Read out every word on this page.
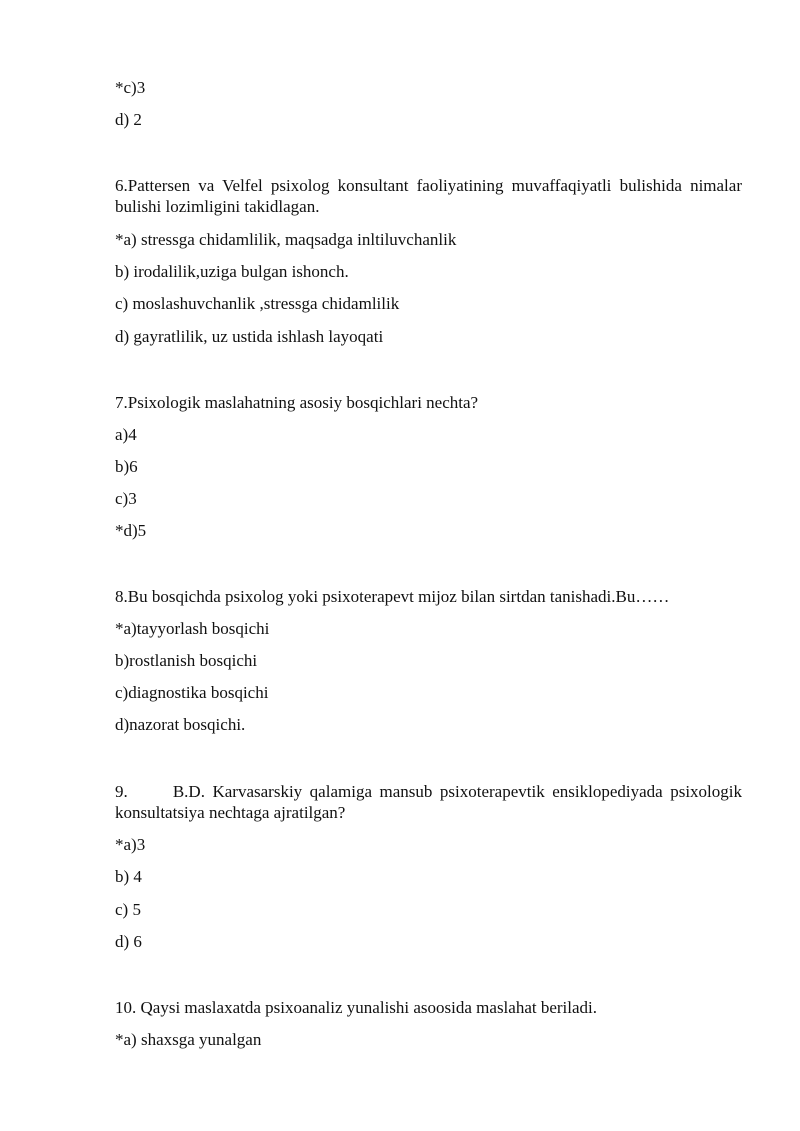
*c)3
d) 2
6.Pattersen va Velfel psixolog konsultant faoliyatining muvaffaqiyatli bulishida nimalar bulishi lozimligini takidlagan.
*a) stressga chidamlilik, maqsadga inltiluvchanlik
b) irodalilik,uziga bulgan ishonch.
c) moslashuvchanlik ,stressga chidamlilik
d) gayratlilik, uz ustida ishlash layoqati
7.Psixologik maslahatning asosiy bosqichlari nechta?
a)4
b)6
c)3
*d)5
8.Bu bosqichda psixolog yoki psixoterapevt mijoz bilan sirtdan tanishadi.Bu……
*a)tayyorlash bosqichi
b)rostlanish bosqichi
c)diagnostika bosqichi
d)nazorat bosqichi.
9.      B.D. Karvasarskiy qalamiga mansub psixoterapevtik ensiklopediyada psixologik konsultatsiya nechtaga ajratilgan?
*a)3
b) 4
c) 5
d) 6
10. Qaysi maslaxatda psixoanaliz yunalishi asoosida maslahat beriladi.
*a) shaxsga yunalgan
